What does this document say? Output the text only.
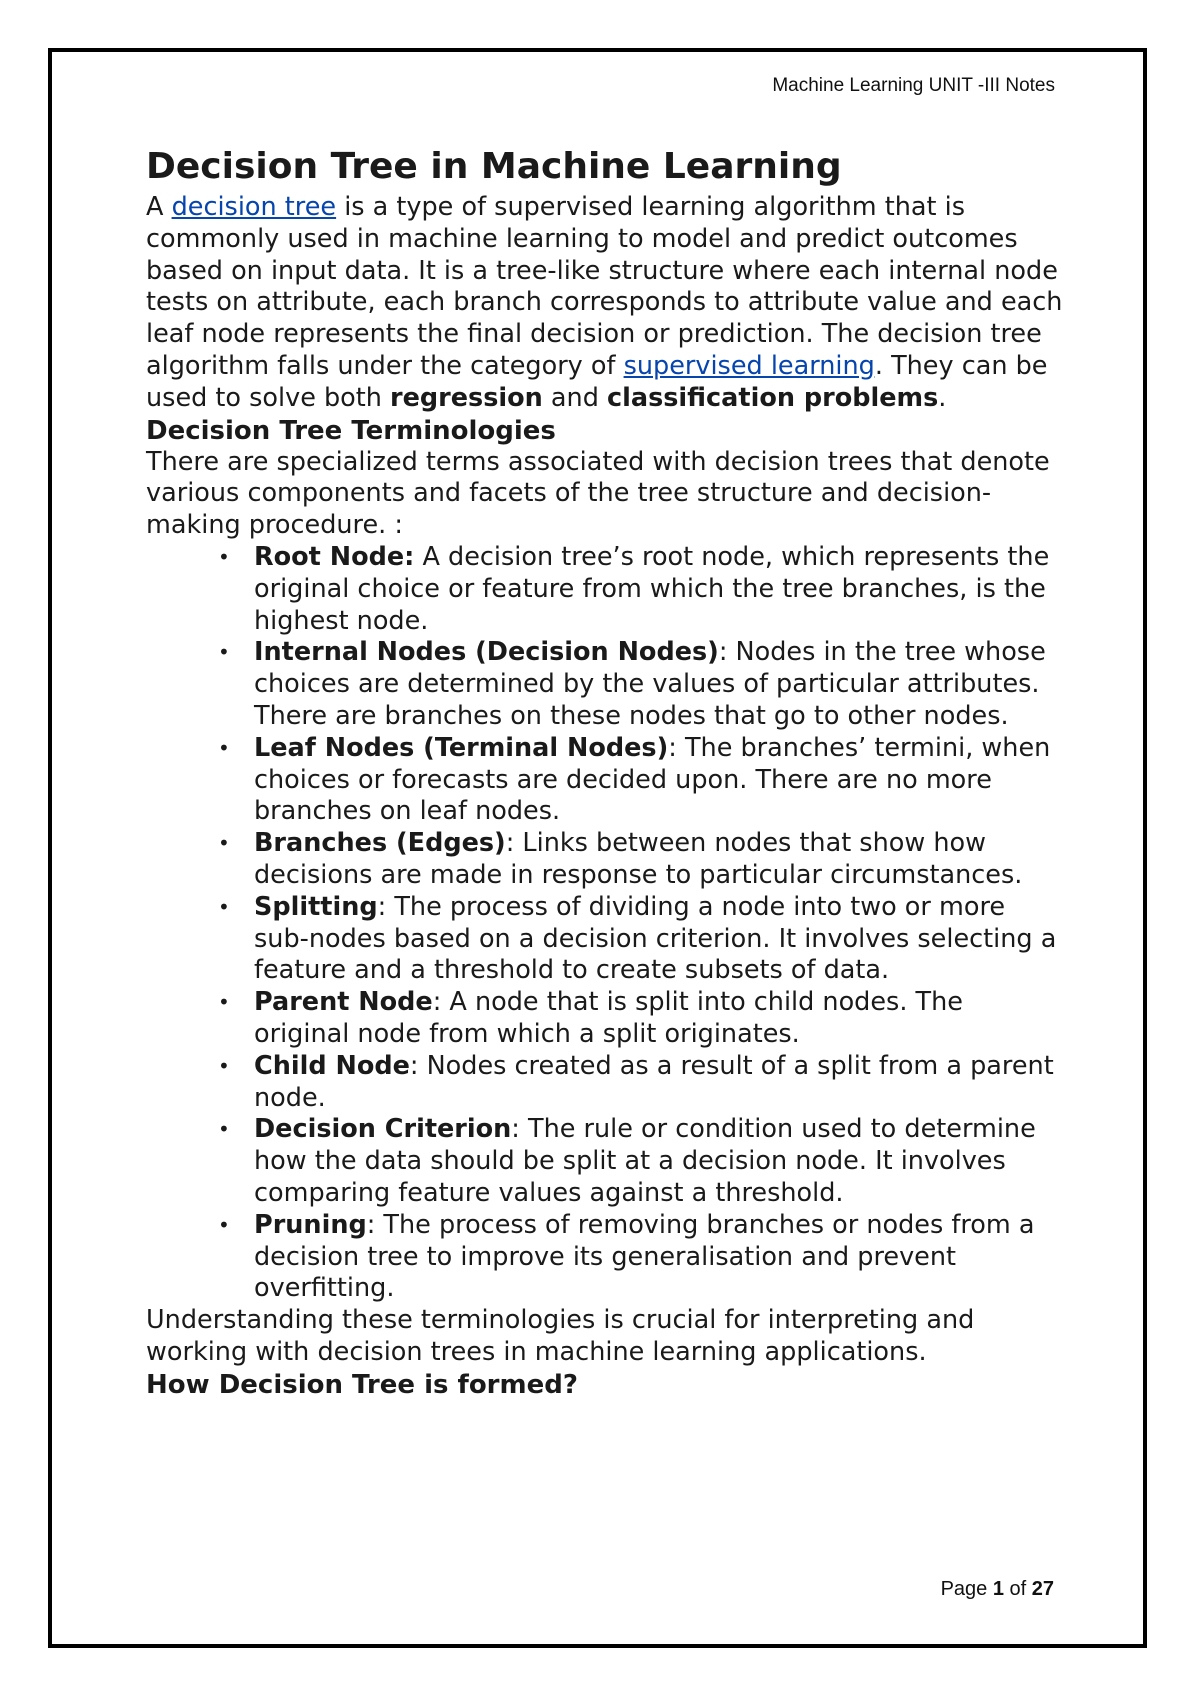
Machine Learning UNIT -III Notes
Decision Tree in Machine Learning

A decision tree is a type of supervised learning algorithm that is commonly used in machine learning to model and predict outcomes based on input data. It is a tree-like structure where each internal node tests on attribute, each branch corresponds to attribute value and each leaf node represents the final decision or prediction. The decision tree algorithm falls under the category of supervised learning. They can be used to solve both regression and classification problems.

Decision Tree Terminologies

There are specialized terms associated with decision trees that denote various components and facets of the tree structure and decision-making procedure. :

• Root Node: A decision tree’s root node, which represents the original choice or feature from which the tree branches, is the highest node.
• Internal Nodes (Decision Nodes): Nodes in the tree whose choices are determined by the values of particular attributes. There are branches on these nodes that go to other nodes.
• Leaf Nodes (Terminal Nodes): The branches’ termini, when choices or forecasts are decided upon. There are no more branches on leaf nodes.
• Branches (Edges): Links between nodes that show how decisions are made in response to particular circumstances.
• Splitting: The process of dividing a node into two or more sub-nodes based on a decision criterion. It involves selecting a feature and a threshold to create subsets of data.
• Parent Node: A node that is split into child nodes. The original node from which a split originates.
• Child Node: Nodes created as a result of a split from a parent node.
• Decision Criterion: The rule or condition used to determine how the data should be split at a decision node. It involves comparing feature values against a threshold.
• Pruning: The process of removing branches or nodes from a decision tree to improve its generalisation and prevent overfitting.

Understanding these terminologies is crucial for interpreting and working with decision trees in machine learning applications.

How Decision Tree is formed?
Page 1 of 27
